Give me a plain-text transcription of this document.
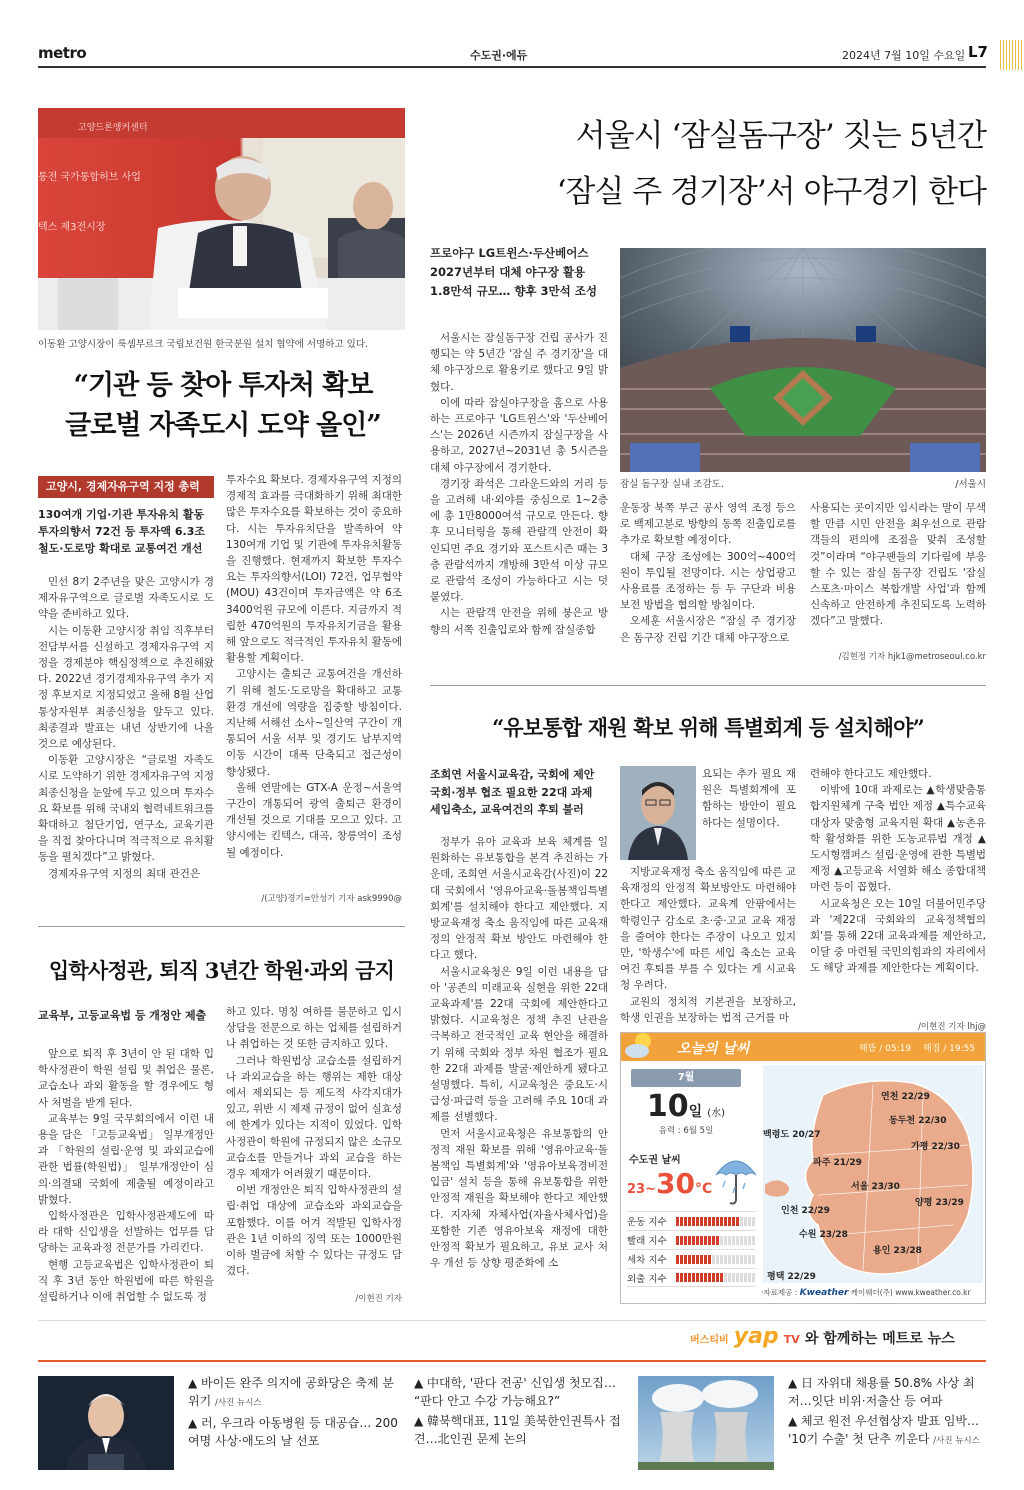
metro	수도권·에듀	2024년 7월 10일 수요일 L7
고양드론앵커센터
통전 국가통합허브 사업
텍스 제3전시장
이동환 고양시장이 룩셈부르크 국립보건원 한국분원 설치 협약에 서명하고 있다.
“기관 등 찾아 투자처 확보
글로벌 자족도시 도약 올인”
고양시, 경제자유구역 지정 총력
130여개 기업·기관 투자유치 활동
투자의향서 72건 등 투자액 6.3조
철도·도로망 확대로 교통여건 개선

민선 8기 2주년을 맞은 고양시가 경제자유구역으로 글로벌 자족도시로 도약을 준비하고 있다.

시는 이동환 고양시장 취임 직후부터 전담부서를 신설하고 경제자유구역 지정을 경제분야 핵심정책으로 추진해왔다. 2022년 경기경제자유구역 추가 지정 후보지로 지정되었고 올해 8월 산업통상자원부 최종신청을 앞두고 있다. 최종결과 발표는 내년 상반기에 나올 것으로 예상된다.

이동환 고양시장은 “글로벌 자족도시로 도약하기 위한 경제자유구역 지정 최종신청을 눈앞에 두고 있으며 투자수요 확보를 위해 국내외 협력네트워크를 확대하고 첨단기업, 연구소, 교육기관을 직접 찾아다니며 적극적으로 유치활동을 펼치겠다”고 밝혔다.

경제자유구역 지정의 최대 관건은

투자수요 확보다. 경제자유구역 지정의 경제적 효과를 극대화하기 위해 최대한 많은 투자수요를 확보하는 것이 중요하다. 시는 투자유치단을 발족하여 약 130여개 기업 및 기관에 투자유치활동을 진행했다. 현재까지 확보한 투자수요는 투자의향서(LOI) 72건, 업무협약(MOU) 43건이며 투자금액은 약 6조3400억원 규모에 이른다. 지금까지 적립한 470억원의 투자유치기금을 활용해 앞으로도 적극적인 투자유치 활동에 활용할 계획이다.

고양시는 출퇴근 교통여건을 개선하기 위해 철도·도로망을 확대하고 교통환경 개선에 역량을 집중할 방침이다. 지난해 서해선 소사~일산역 구간이 개통되어 서울 서부 및 경기도 남부지역 이동 시간이 대폭 단축되고 접근성이 향상됐다.

올해 연말에는 GTX-A 운정~서울역 구간이 개통되어 광역 출퇴근 환경이 개선될 것으로 기대를 모으고 있다. 고양시에는 킨텍스, 대곡, 창릉역이 조성될 예정이다.

/(고양)경기=안성기 기자 ask9990@
입학사정관, 퇴직 3년간 학원·과외 금지
교육부, 고등교육법 등 개정안 제출

앞으로 퇴직 후 3년이 안 된 대학 입학사정관이 학원 설립 및 취업은 물론, 교습소나 과외 활동을 할 경우에도 형사 처벌을 받게 된다.

교육부는 9일 국무회의에서 이런 내용을 담은 「고등교육법」 일부개정안과 「학원의 설립·운영 및 과외교습에 관한 법률(학원법)」 일부개정안이 심의·의결돼 국회에 제출될 예정이라고 밝혔다.

입학사정관은 입학사정관제도에 따라 대학 신입생을 선발하는 업무를 담당하는 교육과정 전문가를 가리킨다.

현행 고등교육법은 입학사정관이 퇴직 후 3년 동안 학원법에 따른 학원을 설립하거나 이에 취업할 수 없도록 정

하고 있다. 명칭 여하를 불문하고 입시상담을 전문으로 하는 업체를 설립하거나 취업하는 것 또한 금지하고 있다.

그러나 학원법상 교습소를 설립하거나 과외교습을 하는 행위는 제한 대상에서 제외되는 등 제도적 사각지대가 있고, 위반 시 제재 규정이 없어 실효성에 한계가 있다는 지적이 있었다. 입학사정관이 학원에 규정되지 않은 소규모 교습소를 만들거나 과외 교습을 하는 경우 제재가 어려웠기 때문이다.

이번 개정안은 퇴직 입학사정관의 설립·취업 대상에 교습소와 과외교습을 포함했다. 이를 어겨 적발된 입학사정관은 1년 이하의 징역 또는 1000만원 이하 벌금에 처할 수 있다는 규정도 담겼다.

/이현진 기자
서울시 ‘잠실돔구장’ 짓는 5년간
‘잠실 주 경기장’서 야구경기 한다
프로야구 LG트윈스·두산베어스
2027년부터 대체 야구장 활용
1.8만석 규모… 향후 3만석 조성
잠실 돔구장 실내 조감도.	/서울시

서울시는 잠실돔구장 건립 공사가 진행되는 약 5년간 '잠실 주 경기장'을 대체 야구장으로 활용키로 했다고 9일 밝혔다.

이에 따라 잠실야구장을 홈으로 사용하는 프로야구 'LG트윈스'와 '두산베어스'는 2026년 시즌까지 잠실구장을 사용하고, 2027년~2031년 총 5시즌을 대체 야구장에서 경기한다.

경기장 좌석은 그라운드와의 거리 등을 고려해 내·외야를 중심으로 1~2층에 총 1만8000여석 규모로 만든다. 향후 모니터링을 통해 관람객 안전이 확인되면 주요 경기와 포스트시즌 때는 3층 관람석까지 개방해 3만석 이상 규모로 관람석 조성이 가능하다고 시는 덧붙였다.

시는 관람객 안전을 위해 붕은교 방향의 서쪽 진출입로와 함께 잠실종합

운동장 북쪽 부근 공사 영역 조정 등으로 백제고분로 방향의 동쪽 진출입로를 추가로 확보할 예정이다.

대체 구장 조성에는 300억~400억원이 투입될 전망이다. 시는 상업광고 사용료를 조정하는 등 두 구단과 비용 보전 방법을 협의할 방침이다.

오세훈 서울시장은 “잠실 주 경기장은 돔구장 건립 기간 대체 야구장으로

사용되는 곳이지만 임시라는 말이 무색할 만큼 시민 안전을 최우선으로 관람객들의 편의에 조점을 맞춰 조성할 것”이라며 “야구팬들의 기다림에 부응할 수 있는 잠실 돔구장 건립도 '잠실 스포츠·마이스 복합개발 사업'과 함께 신속하고 안전하게 추진되도록 노력하겠다”고 말했다.

/김현정 기자 hjk1@metroseoul.co.kr
“유보통합 재원 확보 위해 특별회계 등 설치해야”
조희연 서울시교육감, 국회에 제안
국회·정부 협조 필요한 22대 과제
세입축소, 교육여건의 후퇴 불러

정부가 유아 교육과 보육 체계를 일원화하는 유보통합을 본격 추진하는 가운데, 조희연 서울시교육감(사진)이 22대 국회에서 '영유아교육·돌봄책임특별회계'를 설치해야 한다고 제안했다. 지방교육재정 축소 움직임에 따른 교육재정의 안정적 확보 방안도 마련해야 한다고 했다.

서울시교육청은 9일 이런 내용을 담아 '공존의 미래교육 실현을 위한 22대 교육과제'를 22대 국회에 제안한다고 밝혔다. 시교육청은 정책 추진 난관을 극복하고 전국적인 교육 현안을 해결하기 위해 국회와 정부 차원 협조가 필요한 22대 과제를 발굴·제안하게 됐다고 설명했다. 특히, 시교육청은 중요도·시급성·파급력 등을 고려해 주요 10대 과제를 선별했다.

먼저 서울시교육청은 유보통합의 안정적 재원 확보를 위해 '영유아교육·돌봄책임 특별회계'와 '영유아보육경비전입금' 설치 등을 통해 유보통합을 위한 안정적 재원을 확보해야 한다고 제안했다. 지자체 자체사업(자율사체사업)을 포함한 기존 영유아보육 재정에 대한 안정적 확보가 필요하고, 유보 교사 처우 개선 등 상향 평준화에 소

요되는 추가 필요 재원은 특별회계에 포함하는 방안이 필요하다는 설명이다.

지방교육재정 축소 움직임에 따른 교육재정의 안정적 확보방안도 마련해야 한다고 제안했다. 교육계 안팎에서는 학령인구 감소로 초·중·고교 교육 재정을 줄여야 한다는 주장이 나오고 있지만, '학생수'에 따른 세입 축소는 교육여건 후퇴를 부를 수 있다는 게 시교육청 우려다.

교원의 정치적 기본권을 보장하고, 학생 인권을 보장하는 법적 근거를 마

련해야 한다고도 제안했다.

이밖에 10대 과제로는 ▲학생맞춤통합지원체계 구축 법안 제정 ▲특수교육대상자 맞춤형 교육지원 확대 ▲농촌유학 활성화를 위한 도농교류법 개정 ▲도시형캠퍼스 설립·운영에 관한 특별법 제정 ▲고등교육 서열화 해소 종합대책 마련 등이 꼽혔다.

시교육청은 오는 10일 더불어민주당과 '제22대 국회와의 교육정책협의회'를 통해 22대 교육과제를 제안하고, 이달 중 마련될 국민의힘과의 자리에서도 해당 과제를 제안한다는 계획이다.

/이현진 기자 lhj@
오늘의 날씨	해뜸 / 05:19 해짐 / 19:55
7월
10일 (水)
음력 : 6월 5일
수도권 날씨
23~30°C
운동 지수
빨래 지수
세차 지수
외출 지수
연천 22/29
동두천 22/30
백령도 20/27
가평 22/30
파주 21/29
서울 23/30
양평 23/29
인천 22/29
수원 23/28
용인 23/28
평택 22/29
·자료제공 : Kweather 케이웨더(주) www.kweather.co.kr
버스티비 yap TV 와 함께하는 메트로 뉴스
▲ 바이든 완주 의지에 공화당은 축제 분위기 /사진 뉴시스
▲ 러, 우크라 아동병원 등 대공습… 200여명 사상·애도의 날 선포
▲ 中대학, '판다 전공' 신입생 첫모집… “판다 안고 수강 가능해요?”
▲ 韓북핵대표, 11일 美북한인권특사 접견…北인권 문제 논의
▲ 日 자위대 채용률 50.8% 사상 최저…잇단 비위·저출산 등 여파
▲ 체코 원전 우선협상자 발표 임박… '10기 수출' 첫 단추 끼운다 /사진 뉴시스
